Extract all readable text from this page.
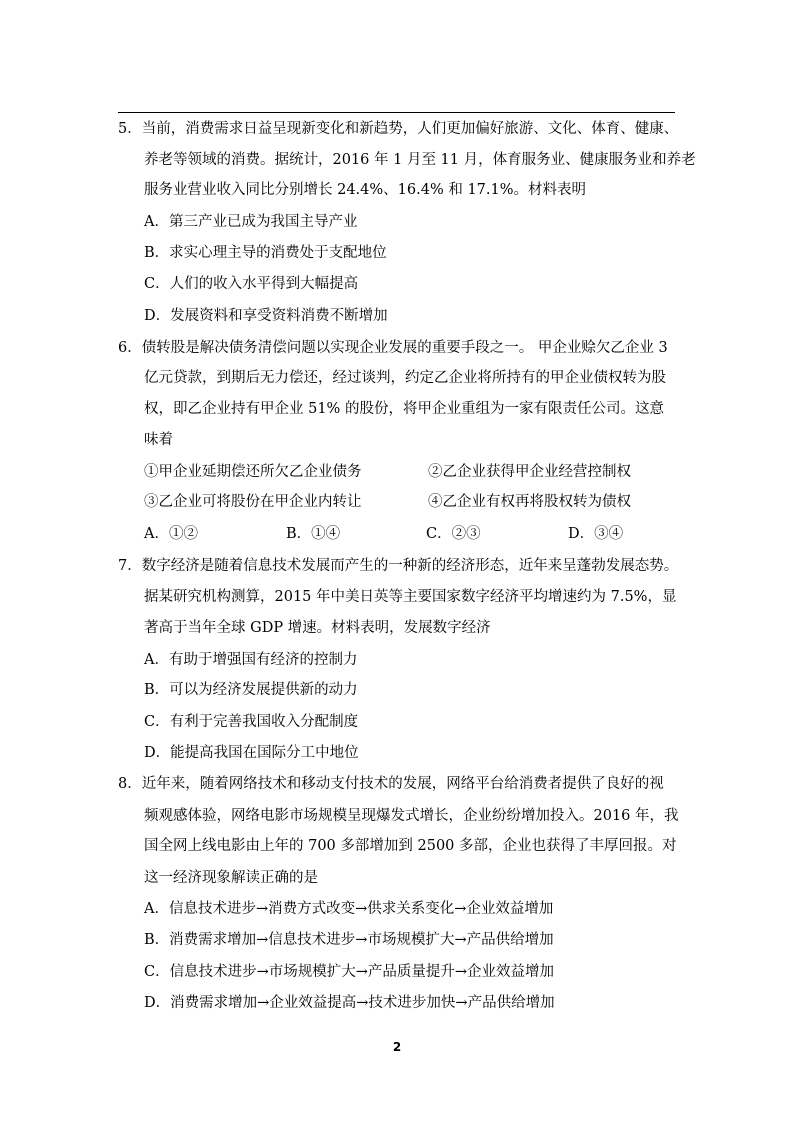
5．当前，消费需求日益呈现新变化和新趋势，人们更加偏好旅游、文化、体育、健康、
养老等领域的消费。据统计，2016 年 1 月至 11 月，体育服务业、健康服务业和养老
服务业营业收入同比分别增长 24.4%、16.4% 和 17.1%。材料表明
A．第三产业已成为我国主导产业
B．求实心理主导的消费处于支配地位
C．人们的收入水平得到大幅提高
D．发展资料和享受资料消费不断增加
6．债转股是解决债务清偿问题以实现企业发展的重要手段之一。 甲企业赊欠乙企业 3
亿元贷款，到期后无力偿还，经过谈判，约定乙企业将所持有的甲企业债权转为股
权，即乙企业持有甲企业 51% 的股份，将甲企业重组为一家有限责任公司。这意
味着
①甲企业延期偿还所欠乙企业债务	②乙企业获得甲企业经营控制权
③乙企业可将股份在甲企业内转让	④乙企业有权再将股权转为债权
A．①②	B．①④	C．②③	D．③④
7．数字经济是随着信息技术发展而产生的一种新的经济形态，近年来呈蓬勃发展态势。
据某研究机构测算，2015 年中美日英等主要国家数字经济平均增速约为 7.5%，显
著高于当年全球 GDP 增速。材料表明，发展数字经济
A．有助于增强国有经济的控制力
B．可以为经济发展提供新的动力
C．有利于完善我国收入分配制度
D．能提高我国在国际分工中地位
8．近年来，随着网络技术和移动支付技术的发展，网络平台给消费者提供了良好的视
频观感体验，网络电影市场规模呈现爆发式增长，企业纷纷增加投入。2016 年，我
国全网上线电影由上年的 700 多部增加到 2500 多部，企业也获得了丰厚回报。对
这一经济现象解读正确的是
A．信息技术进步→消费方式改变→供求关系变化→企业效益增加
B．消费需求增加→信息技术进步→市场规模扩大→产品供给增加
C．信息技术进步→市场规模扩大→产品质量提升→企业效益增加
D．消费需求增加→企业效益提高→技术进步加快→产品供给增加
2
